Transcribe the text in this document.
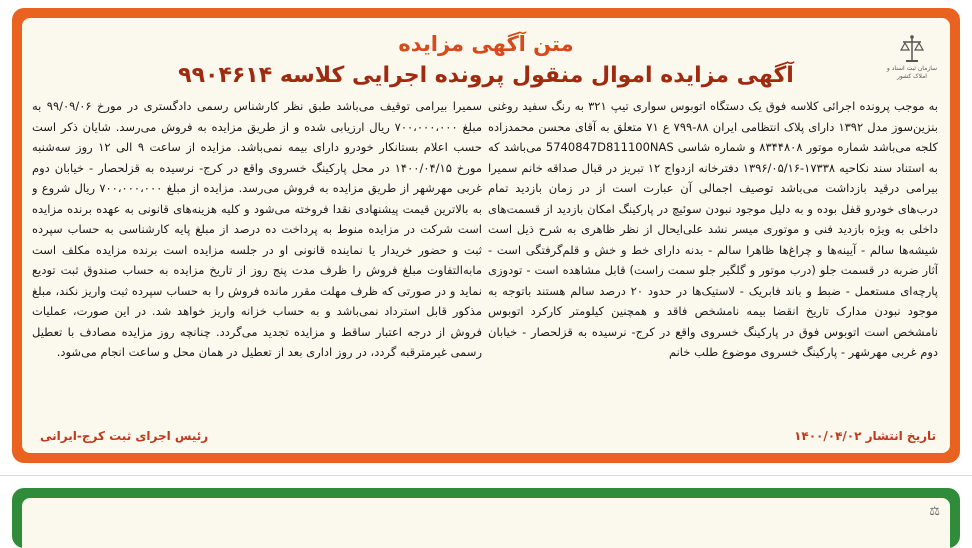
سازمان ثبت اسناد و املاک کشور
متن آگهی مزایده
آگهی مزایده اموال منقول پرونده اجرایی کلاسه ۹۹۰۴۶۱۴
به موجب پرونده اجرائی کلاسه فوق یک دستگاه اتوبوس سواری تیپ ۳۲۱ به رنگ سفید روغنی بنزین‌سوز مدل ۱۳۹۲ دارای پلاک انتظامی ایران ۸۸-۷۹۹ ع ۷۱ متعلق به آقای محسن محمدزاده کلجه می‌باشد شماره موتور ۸۳۴۴۸۰۸ و شماره شاسی 5740847D811100NAS می‌باشد که به استناد سند نکاحیه ۱۷۳۳۸-۱۳۹۶/۰۵/۱۶ دفترخانه ازدواج ۱۲ تبریز در قبال صداقه خانم سمیرا بیرامی درقید بازداشت می‌باشد توصیف اجمالی آن عبارت است از در زمان بازدید تمام درب‌های خودرو قفل بوده و به دلیل موجود نبودن سوئیچ در پارکینگ امکان بازدید از قسمت‌های داخلی به ویژه بازدید فنی و موتوری میسر نشد علی‌ایحال از نظر ظاهری به شرح ذیل است شیشه‌ها سالم - آیینه‌ها و چراغ‌ها ظاهرا سالم - بدنه دارای خط و خش و قلم‌گرفتگی است - آثار ضربه در قسمت جلو (درب موتور و گلگیر جلو سمت راست) قابل مشاهده است - تودوزی پارچه‌ای مستعمل - ضبط و باند فابریک - لاستیک‌ها در حدود ۲۰ درصد سالم هستند باتوجه به موجود نبودن مدارک تاریخ انقضا بیمه نامشخص فاقد و همچنین کیلومتر کارکرد اتوبوس نامشخص است اتوبوس فوق در پارکینگ خسروی واقع در کرج- نرسیده به قزلحصار - خیابان دوم غربی مهرشهر - پارکینگ خسروی موضوع طلب خانم
سمیرا بیرامی توقیف می‌باشد طبق نظر کارشناس رسمی دادگستری در مورخ ۹۹/۰۹/۰۶ به مبلغ ۷۰۰،۰۰۰،۰۰۰ ریال ارزیابی شده و از طریق مزایده به فروش می‌رسد. شایان ذکر است حسب اعلام بستانکار خودرو دارای بیمه نمی‌باشد. مزایده از ساعت ۹ الی ۱۲ روز سه‌شنبه مورخ ۱۴۰۰/۰۴/۱۵ در محل پارکینگ خسروی واقع در کرج- نرسیده به قزلحصار - خیابان دوم غربی مهرشهر از طریق مزایده به فروش می‌رسد. مزایده از مبلغ ۷۰۰،۰۰۰،۰۰۰ ریال شروع و به بالاترین قیمت پیشنهادی نقدا فروخته می‌شود و کلیه هزینه‌های قانونی به عهده برنده مزایده است شرکت در مزایده منوط به پرداخت ده درصد از مبلغ پایه کارشناسی به حساب سپرده ثبت و حضور خریدار یا نماینده قانونی او در جلسه مزایده است برنده مزایده مکلف است مابه‌التفاوت مبلغ فروش را ظرف مدت پنج روز از تاریخ مزایده به حساب صندوق ثبت تودیع نماید و در صورتی که ظرف مهلت مقرر مانده فروش را به حساب سپرده ثبت واریز نکند، مبلغ مذکور قابل استرداد نمی‌باشد و به حساب خزانه واریز خواهد شد. در این صورت، عملیات فروش از درجه اعتبار ساقط و مزایده تجدید می‌گردد. چنانچه روز مزایده مصادف با تعطیل رسمی غیرمترقبه گردد، در روز اداری بعد از تعطیل در همان محل و ساعت انجام می‌شود.
تاریخ انتشار ۱۴۰۰/۰۴/۰۲
رئیس اجرای ثبت کرج-ایرانی
⚖
